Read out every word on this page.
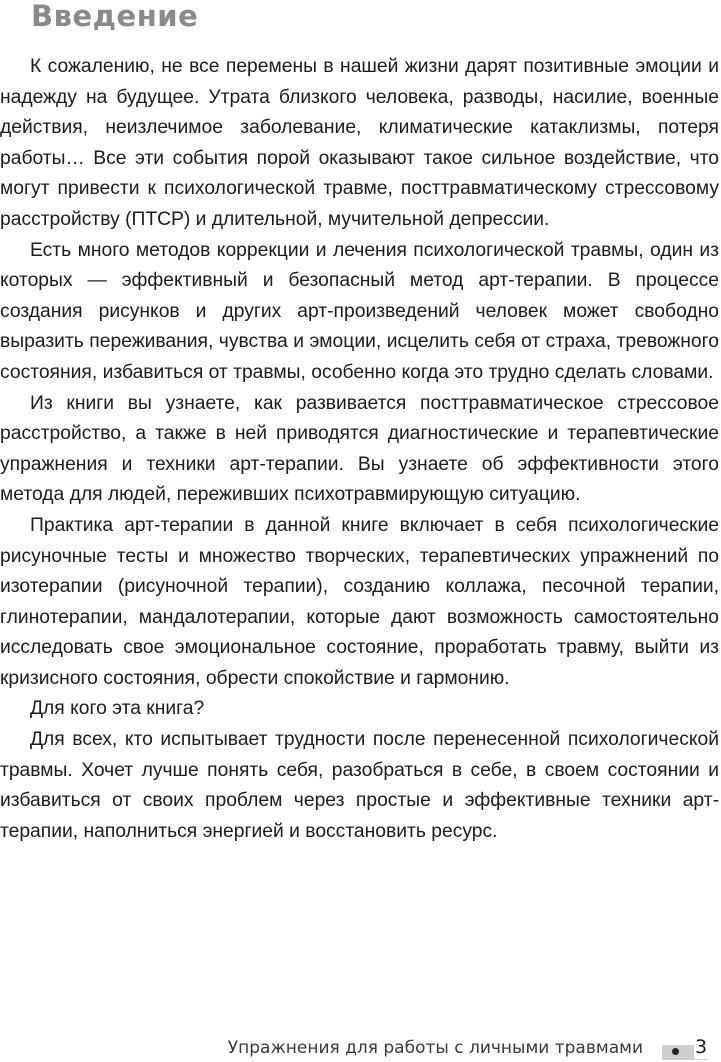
Введение

К сожалению, не все перемены в нашей жизни дарят позитивные эмоции и надежду на будущее. Утрата близкого человека, разводы, насилие, военные действия, неизлечимое заболевание, климатические катаклизмы, потеря работы… Все эти события порой оказывают такое сильное воздействие, что могут привести к психологической травме, посттравматическому стрессовому расстройству (ПТСР) и длительной, мучительной депрессии.

Есть много методов коррекции и лечения психологической травмы, один из которых — эффективный и безопасный метод арт-терапии. В процессе создания рисунков и других арт-произведений человек может свободно выразить переживания, чувства и эмоции, исцелить себя от страха, тревожного состояния, избавиться от травмы, особенно когда это трудно сделать словами.

Из книги вы узнаете, как развивается посттравматическое стрессовое расстройство, а также в ней приводятся диагностические и терапевтические упражнения и техники арт-терапии. Вы узнаете об эффективности этого метода для людей, переживших психотравмирующую ситуацию.

Практика арт-терапии в данной книге включает в себя психологические рисуночные тесты и множество творческих, терапевтических упражнений по изотерапии (рисуночной терапии), созданию коллажа, песочной терапии, глинотерапии, мандалотерапии, которые дают возможность самостоятельно исследовать свое эмоциональное состояние, проработать травму, выйти из кризисного состояния, обрести спокойствие и гармонию.

Для кого эта книга?

Для всех, кто испытывает трудности после перенесенной психологической травмы. Хочет лучше понять себя, разобраться в себе, в своем состоянии и избавиться от своих проблем через простые и эффективные техники арт-терапии, наполниться энергией и восстановить ресурс.

Упражнения для работы с личными травмами	3
